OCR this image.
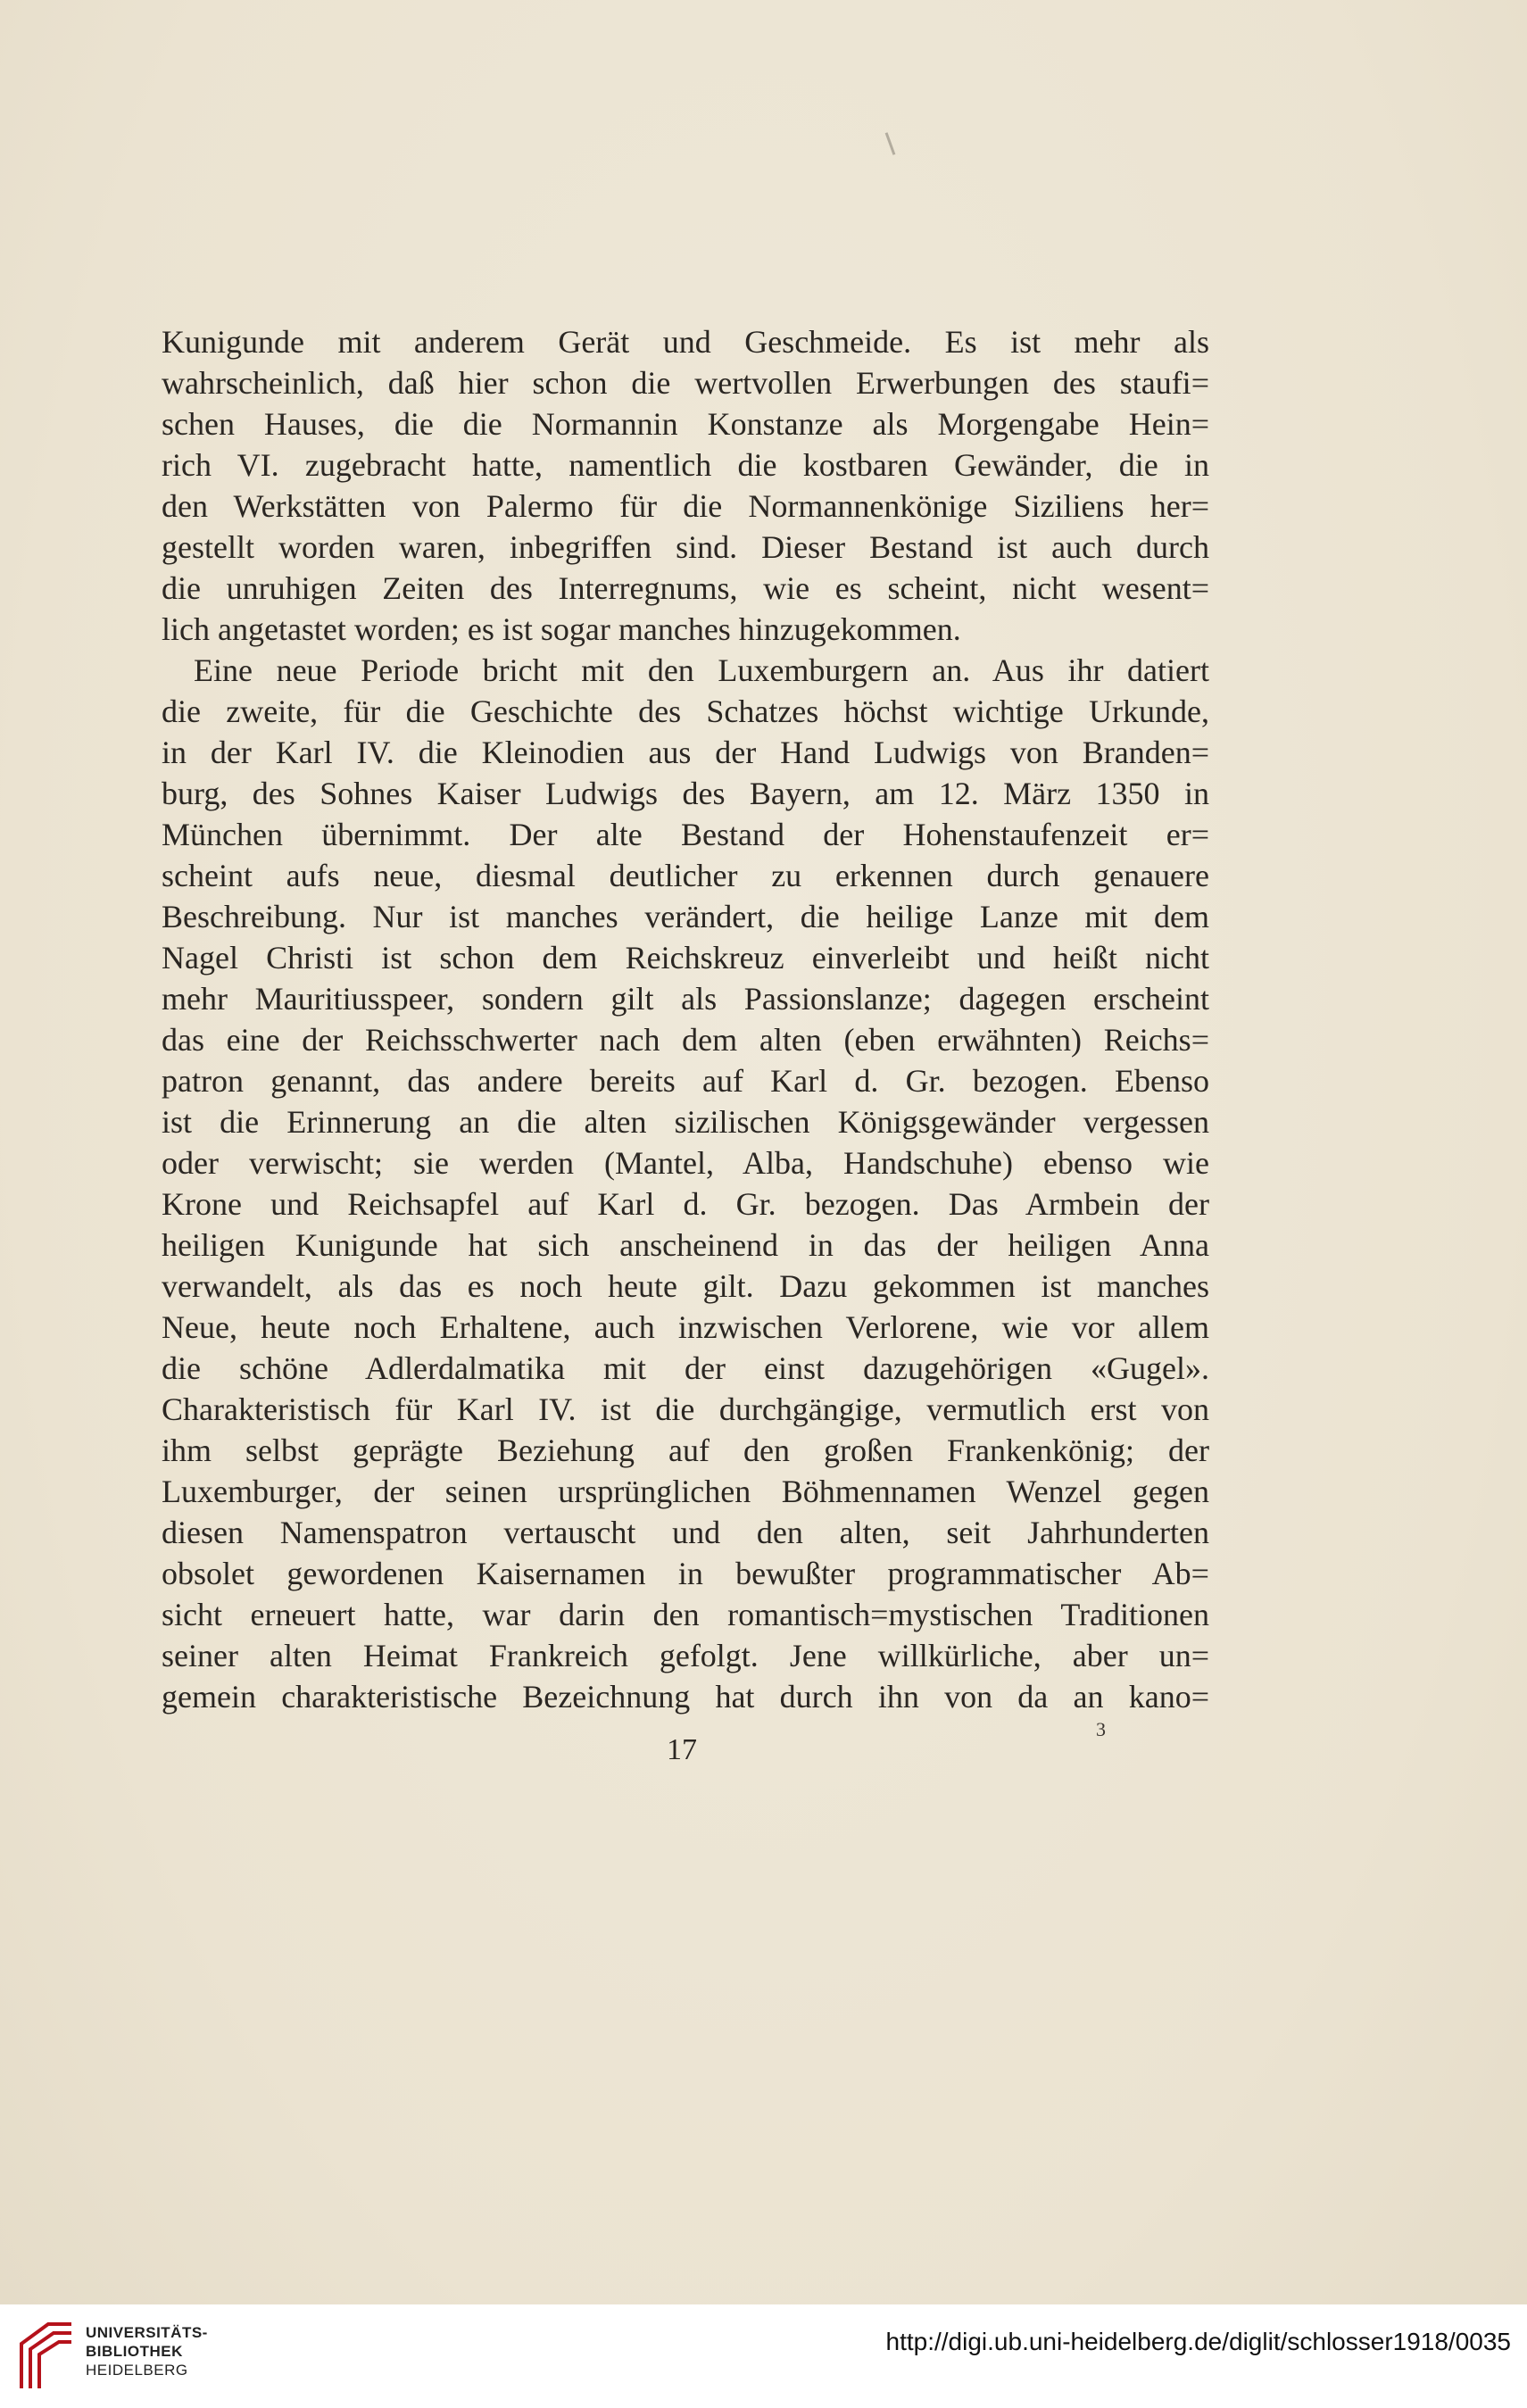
Kunigunde mit anderem Gerät und Geschmeide. Es ist mehr als
wahrscheinlich, daß hier schon die wertvollen Erwerbungen des staufi=
schen Hauses, die die Normannin Konstanze als Morgengabe Hein=
rich VI. zugebracht hatte, namentlich die kostbaren Gewänder, die in
den Werkstätten von Palermo für die Normannenkönige Siziliens her=
gestellt worden waren, inbegriffen sind. Dieser Bestand ist auch durch
die unruhigen Zeiten des Interregnums, wie es scheint, nicht wesent=
lich angetastet worden; es ist sogar manches hinzugekommen.
Eine neue Periode bricht mit den Luxemburgern an. Aus ihr datiert
die zweite, für die Geschichte des Schatzes höchst wichtige Urkunde,
in der Karl IV. die Kleinodien aus der Hand Ludwigs von Branden=
burg, des Sohnes Kaiser Ludwigs des Bayern, am 12. März 1350 in
München übernimmt. Der alte Bestand der Hohenstaufenzeit er=
scheint aufs neue, diesmal deutlicher zu erkennen durch genauere
Beschreibung. Nur ist manches verändert, die heilige Lanze mit dem
Nagel Christi ist schon dem Reichskreuz einverleibt und heißt nicht
mehr Mauritiusspeer, sondern gilt als Passionslanze; dagegen erscheint
das eine der Reichsschwerter nach dem alten (eben erwähnten) Reichs=
patron genannt, das andere bereits auf Karl d. Gr. bezogen. Ebenso
ist die Erinnerung an die alten sizilischen Königsgewänder vergessen
oder verwischt; sie werden (Mantel, Alba, Handschuhe) ebenso wie
Krone und Reichsapfel auf Karl d. Gr. bezogen. Das Armbein der
heiligen Kunigunde hat sich anscheinend in das der heiligen Anna
verwandelt, als das es noch heute gilt. Dazu gekommen ist manches
Neue, heute noch Erhaltene, auch inzwischen Verlorene, wie vor allem
die schöne Adlerdalmatika mit der einst dazugehörigen «Gugel».
Charakteristisch für Karl IV. ist die durchgängige, vermutlich erst von
ihm selbst geprägte Beziehung auf den großen Frankenkönig; der
Luxemburger, der seinen ursprünglichen Böhmennamen Wenzel gegen
diesen Namenspatron vertauscht und den alten, seit Jahrhunderten
obsolet gewordenen Kaisernamen in bewußter programmatischer Ab=
sicht erneuert hatte, war darin den romantisch=mystischen Traditionen
seiner alten Heimat Frankreich gefolgt. Jene willkürliche, aber un=
gemein charakteristische Bezeichnung hat durch ihn von da an kano=
3
17
UNIVERSITÄTS-
BIBLIOTHEK
HEIDELBERG
http://digi.ub.uni-heidelberg.de/diglit/schlosser1918/0035
